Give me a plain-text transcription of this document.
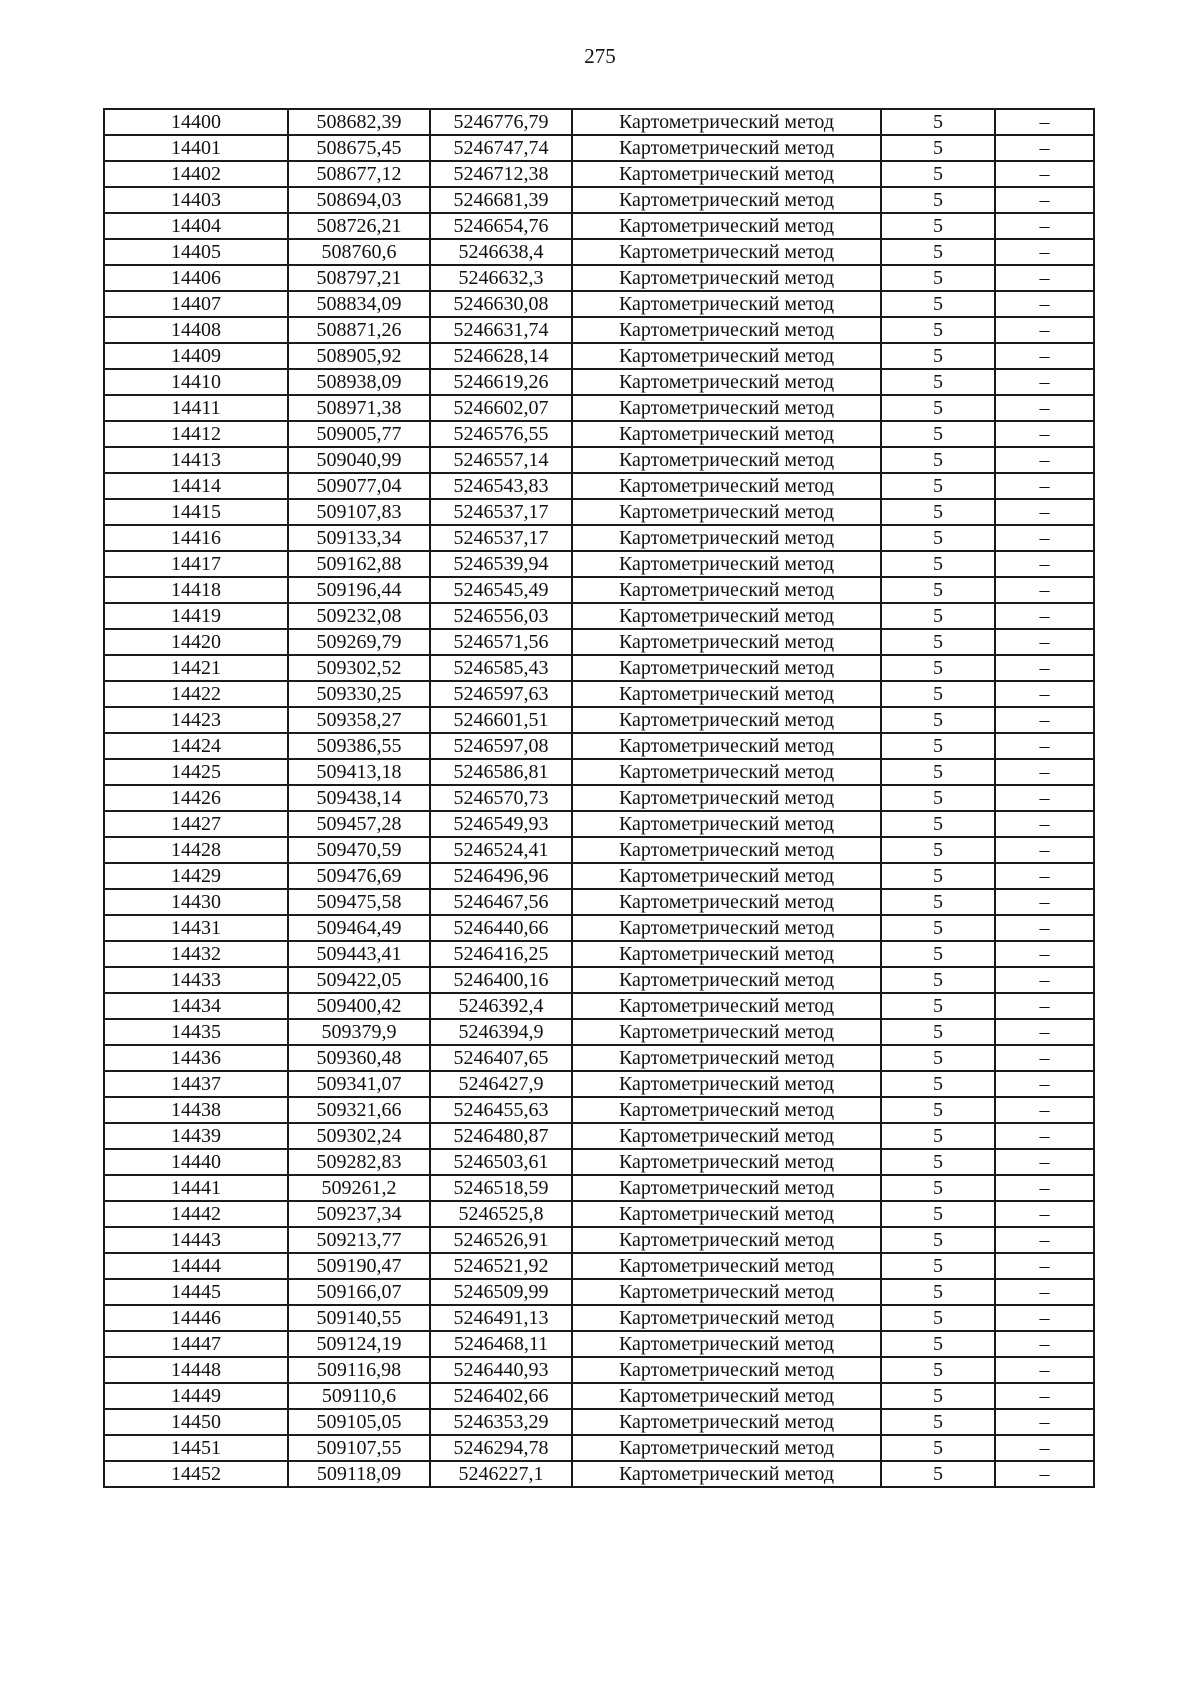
275
14400	508682,39	5246776,79	Картометрический метод	5	–
14401	508675,45	5246747,74	Картометрический метод	5	–
14402	508677,12	5246712,38	Картометрический метод	5	–
14403	508694,03	5246681,39	Картометрический метод	5	–
14404	508726,21	5246654,76	Картометрический метод	5	–
14405	508760,6	5246638,4	Картометрический метод	5	–
14406	508797,21	5246632,3	Картометрический метод	5	–
14407	508834,09	5246630,08	Картометрический метод	5	–
14408	508871,26	5246631,74	Картометрический метод	5	–
14409	508905,92	5246628,14	Картометрический метод	5	–
14410	508938,09	5246619,26	Картометрический метод	5	–
14411	508971,38	5246602,07	Картометрический метод	5	–
14412	509005,77	5246576,55	Картометрический метод	5	–
14413	509040,99	5246557,14	Картометрический метод	5	–
14414	509077,04	5246543,83	Картометрический метод	5	–
14415	509107,83	5246537,17	Картометрический метод	5	–
14416	509133,34	5246537,17	Картометрический метод	5	–
14417	509162,88	5246539,94	Картометрический метод	5	–
14418	509196,44	5246545,49	Картометрический метод	5	–
14419	509232,08	5246556,03	Картометрический метод	5	–
14420	509269,79	5246571,56	Картометрический метод	5	–
14421	509302,52	5246585,43	Картометрический метод	5	–
14422	509330,25	5246597,63	Картометрический метод	5	–
14423	509358,27	5246601,51	Картометрический метод	5	–
14424	509386,55	5246597,08	Картометрический метод	5	–
14425	509413,18	5246586,81	Картометрический метод	5	–
14426	509438,14	5246570,73	Картометрический метод	5	–
14427	509457,28	5246549,93	Картометрический метод	5	–
14428	509470,59	5246524,41	Картометрический метод	5	–
14429	509476,69	5246496,96	Картометрический метод	5	–
14430	509475,58	5246467,56	Картометрический метод	5	–
14431	509464,49	5246440,66	Картометрический метод	5	–
14432	509443,41	5246416,25	Картометрический метод	5	–
14433	509422,05	5246400,16	Картометрический метод	5	–
14434	509400,42	5246392,4	Картометрический метод	5	–
14435	509379,9	5246394,9	Картометрический метод	5	–
14436	509360,48	5246407,65	Картометрический метод	5	–
14437	509341,07	5246427,9	Картометрический метод	5	–
14438	509321,66	5246455,63	Картометрический метод	5	–
14439	509302,24	5246480,87	Картометрический метод	5	–
14440	509282,83	5246503,61	Картометрический метод	5	–
14441	509261,2	5246518,59	Картометрический метод	5	–
14442	509237,34	5246525,8	Картометрический метод	5	–
14443	509213,77	5246526,91	Картометрический метод	5	–
14444	509190,47	5246521,92	Картометрический метод	5	–
14445	509166,07	5246509,99	Картометрический метод	5	–
14446	509140,55	5246491,13	Картометрический метод	5	–
14447	509124,19	5246468,11	Картометрический метод	5	–
14448	509116,98	5246440,93	Картометрический метод	5	–
14449	509110,6	5246402,66	Картометрический метод	5	–
14450	509105,05	5246353,29	Картометрический метод	5	–
14451	509107,55	5246294,78	Картометрический метод	5	–
14452	509118,09	5246227,1	Картометрический метод	5	–
